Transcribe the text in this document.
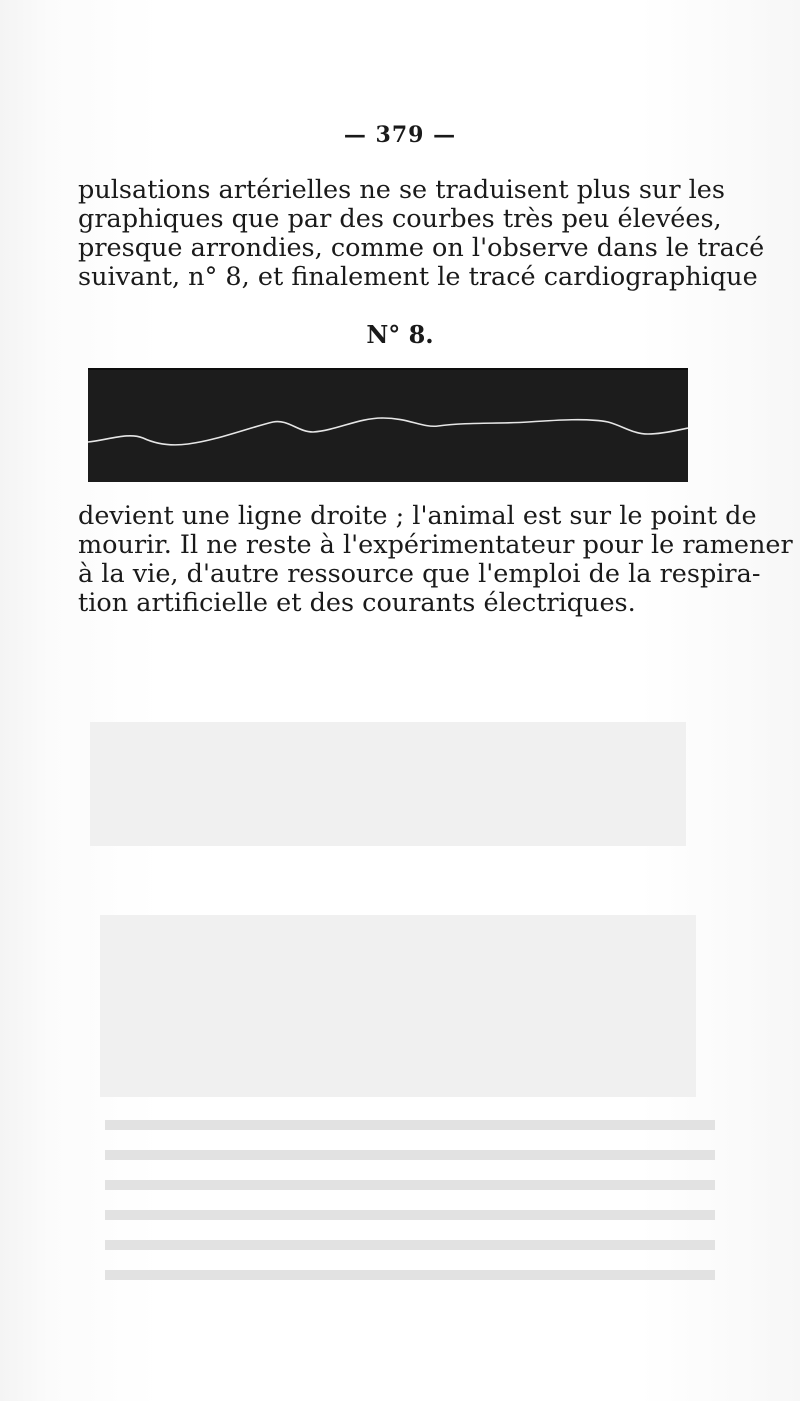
— 379 —
pulsations artérielles ne se traduisent plus sur les
graphiques que par des courbes très peu élevées,
presque arrondies, comme on l'observe dans le tracé
suivant, n° 8, et finalement le tracé cardiographique
N° 8.
devient une ligne droite ; l'animal est sur le point de
mourir. Il ne reste à l'expérimentateur pour le ramener
à la vie, d'autre ressource que l'emploi de la respira-
tion artificielle et des courants électriques.
